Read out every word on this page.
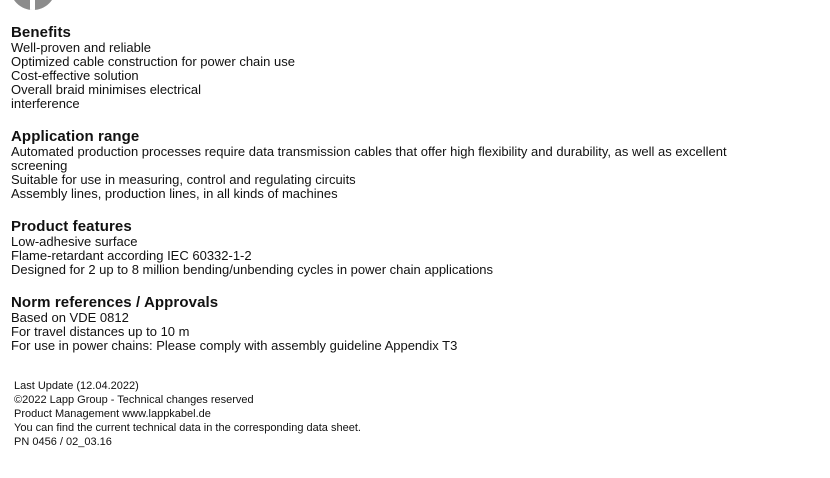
Benefits

Well-proven and reliable

Optimized cable construction for power chain use

Cost-effective solution

Overall braid minimises electrical

interference

Application range

Automated production processes require data transmission cables that offer high flexibility and durability, as well as excellent

screening

Suitable for use in measuring, control and regulating circuits

Assembly lines, production lines, in all kinds of machines

Product features

Low-adhesive surface

Flame-retardant according IEC 60332-1-2

Designed for 2 up to 8 million bending/unbending cycles in power chain applications

Norm references / Approvals

Based on VDE 0812

For travel distances up to 10 m

For use in power chains: Please comply with assembly guideline Appendix T3

Last Update (12.04.2022)

©2022 Lapp Group - Technical changes reserved

Product Management www.lappkabel.de

You can find the current technical data in the corresponding data sheet.

PN 0456 / 02_03.16
